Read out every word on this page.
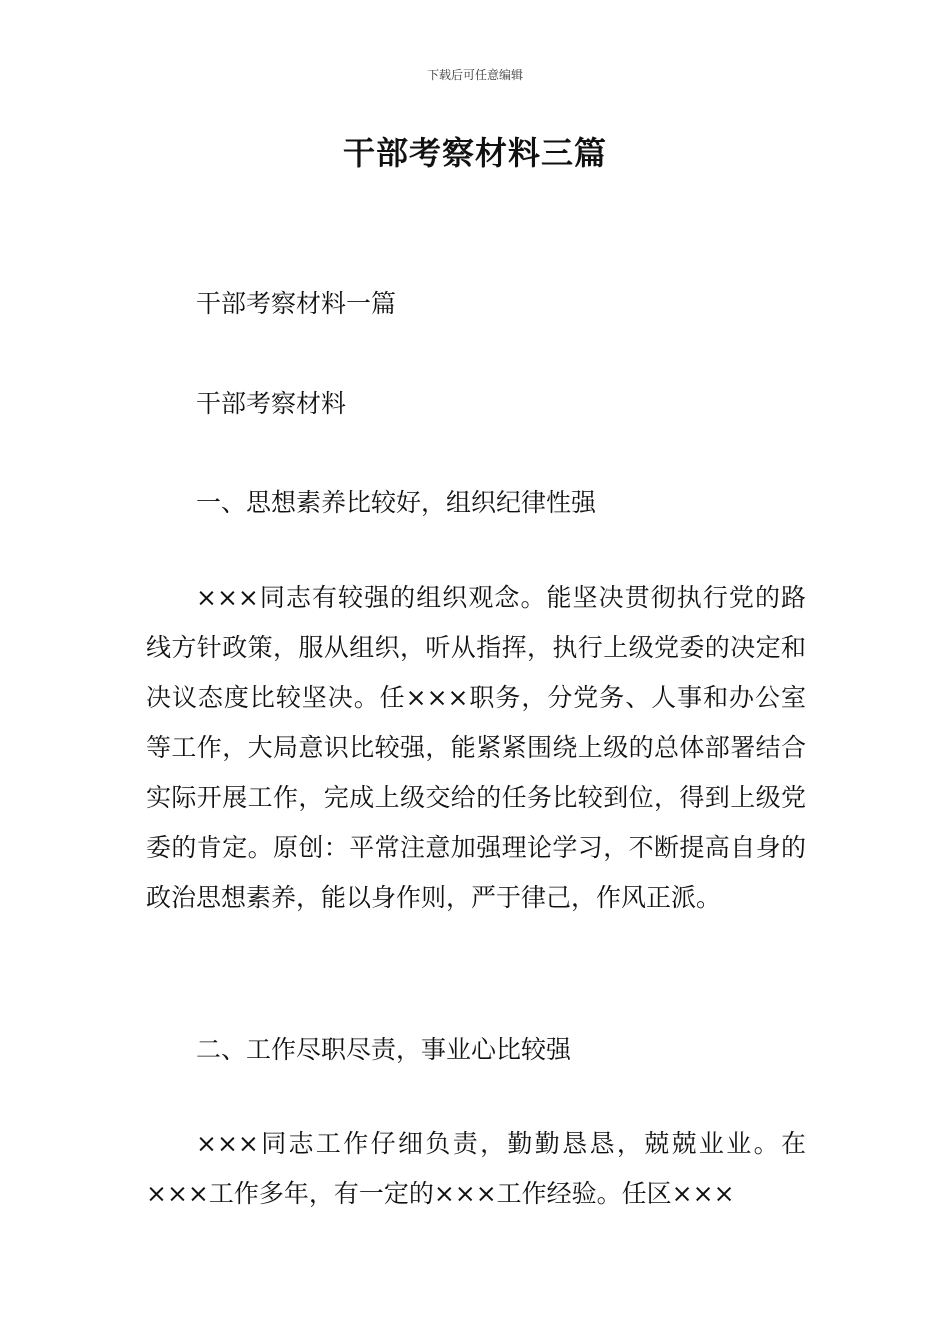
下载后可任意编辑
干部考察材料三篇

干部考察材料一篇

干部考察材料

一、思想素养比较好，组织纪律性强

×××同志有较强的组织观念。能坚决贯彻执行党的路线方针政策，服从组织，听从指挥，执行上级党委的决定和决议态度比较坚决。任×××职务，分党务、人事和办公室等工作，大局意识比较强，能紧紧围绕上级的总体部署结合实际开展工作，完成上级交给的任务比较到位，得到上级党委的肯定。原创：平常注意加强理论学习，不断提高自身的政治思想素养，能以身作则，严于律己，作风正派。

二、工作尽职尽责，事业心比较强

×××同志工作仔细负责，勤勤恳恳，兢兢业业。在×××工作多年，有一定的×××工作经验。任区×××
